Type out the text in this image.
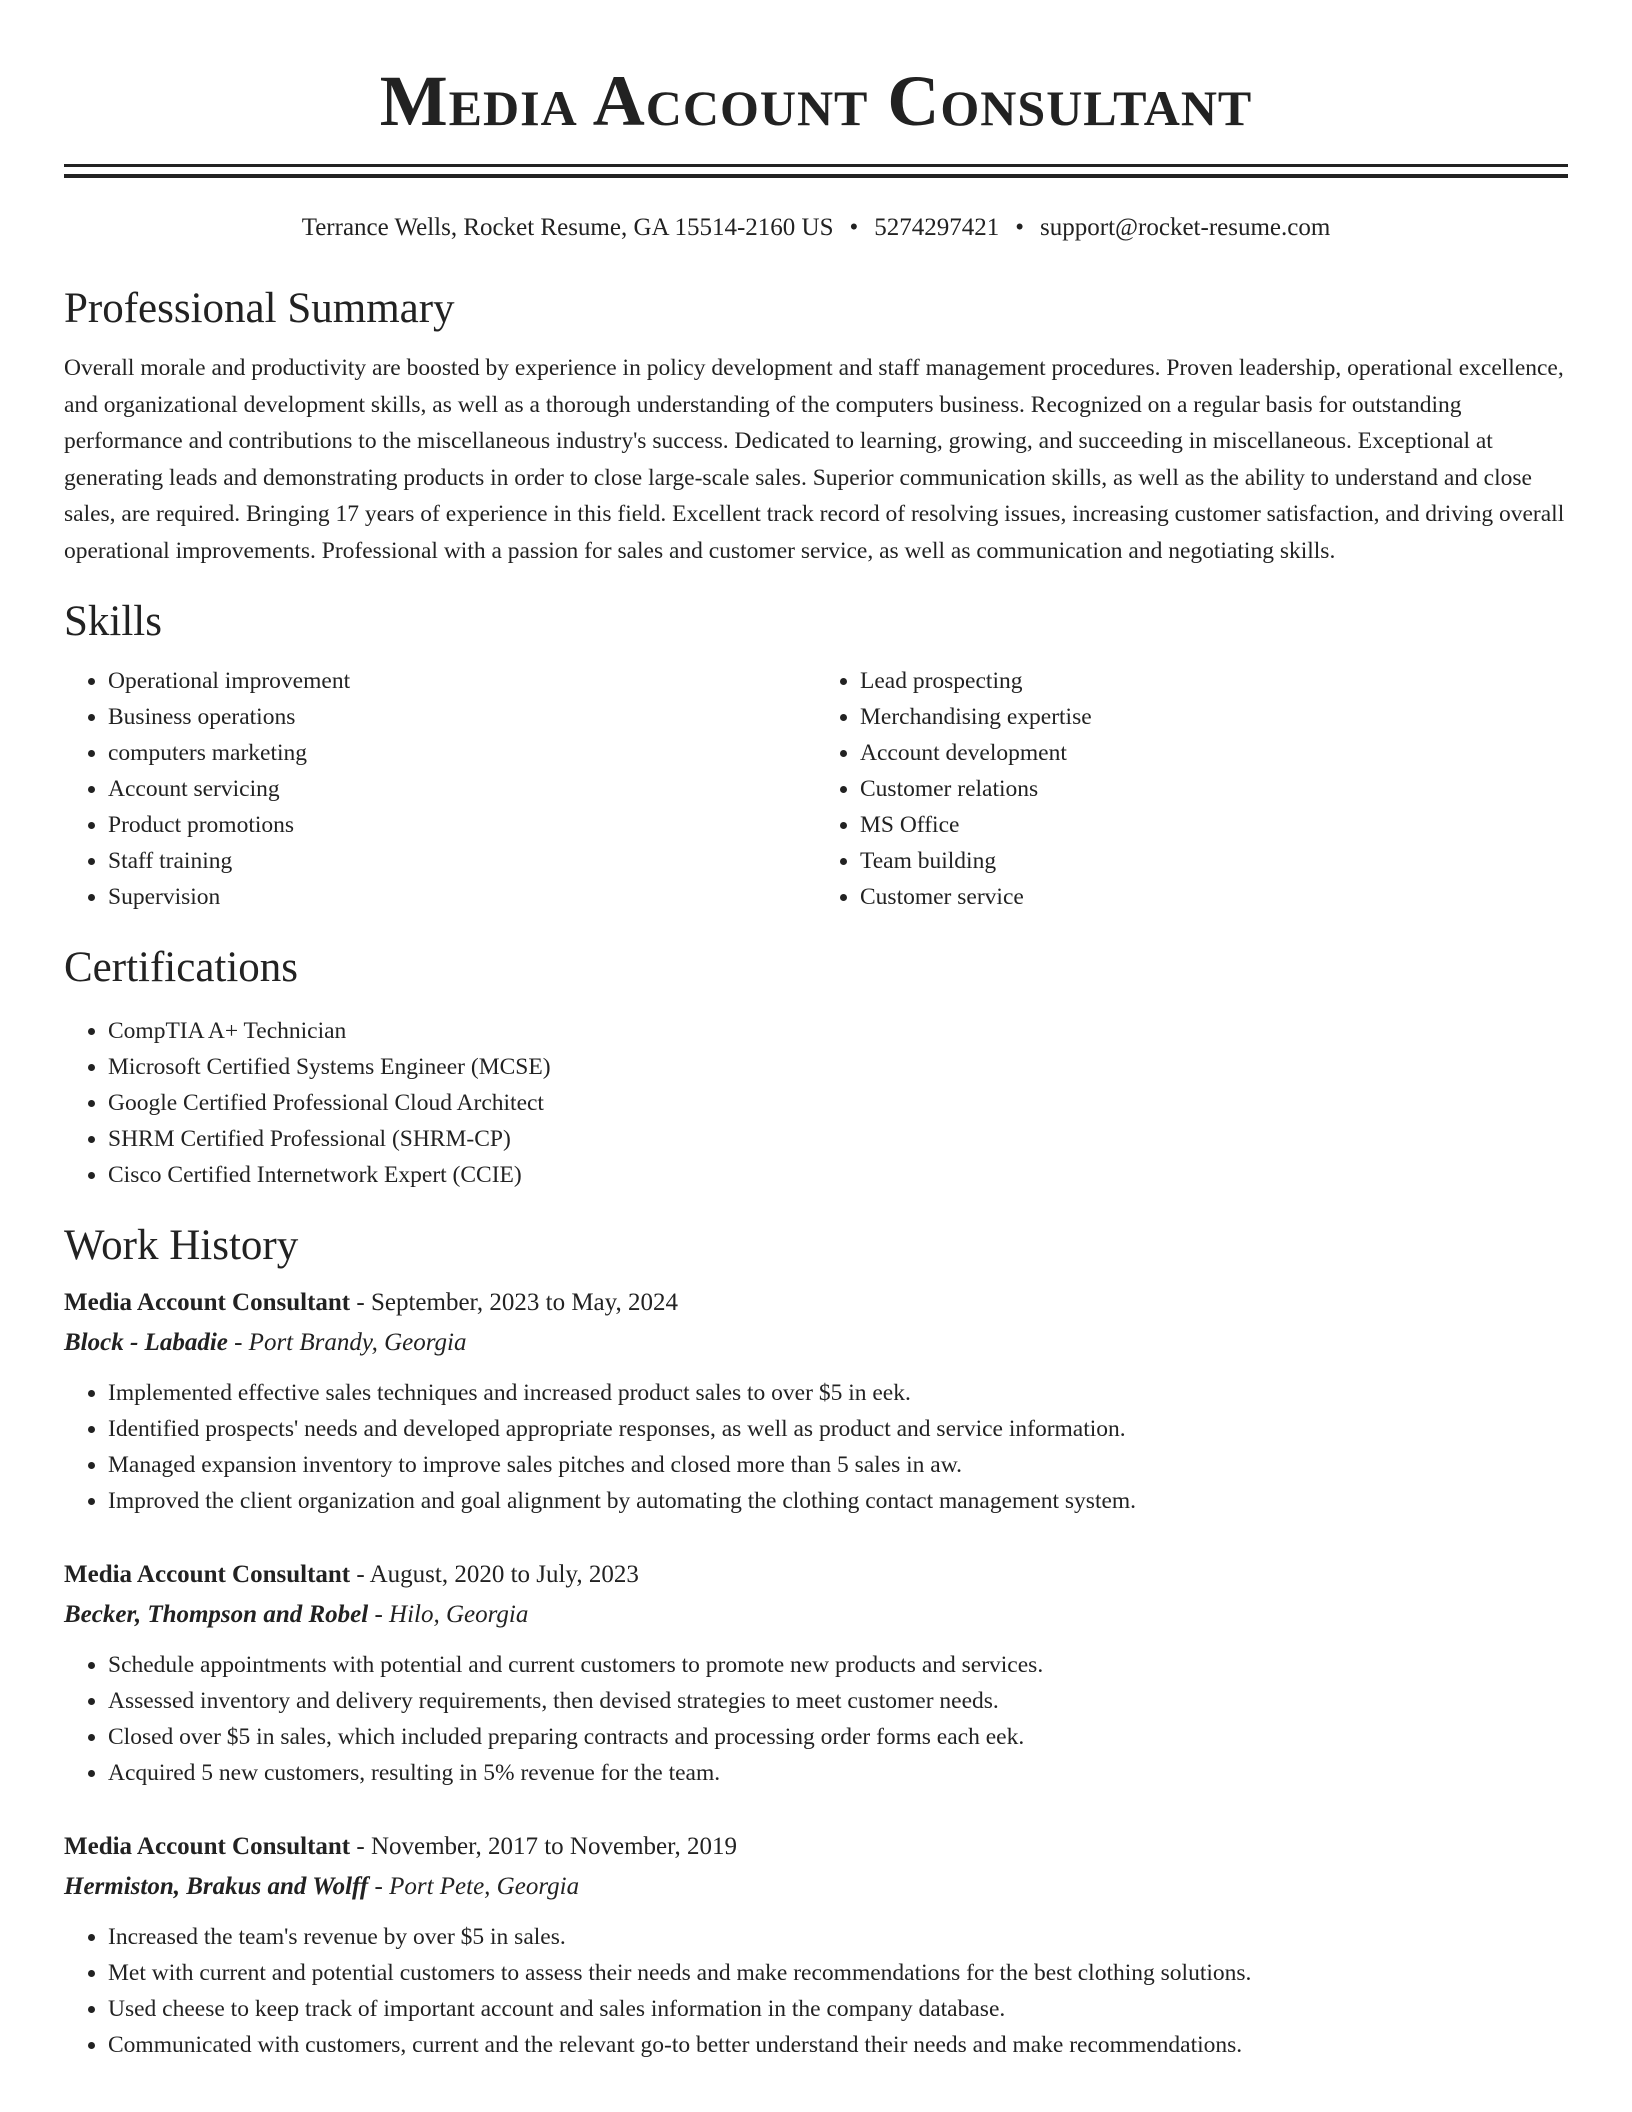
Media Account Consultant
Terrance Wells, Rocket Resume, GA 15514-2160 US • 5274297421 • support@rocket-resume.com
Professional Summary

Overall morale and productivity are boosted by experience in policy development and staff management procedures. Proven leadership, operational excellence, and organizational development skills, as well as a thorough understanding of the computers business. Recognized on a regular basis for outstanding performance and contributions to the miscellaneous industry's success. Dedicated to learning, growing, and succeeding in miscellaneous. Exceptional at generating leads and demonstrating products in order to close large-scale sales. Superior communication skills, as well as the ability to understand and close sales, are required. Bringing 17 years of experience in this field. Excellent track record of resolving issues, increasing customer satisfaction, and driving overall operational improvements. Professional with a passion for sales and customer service, as well as communication and negotiating skills.

Skills
• Operational improvement
• Business operations
• computers marketing
• Account servicing
• Product promotions
• Staff training
• Supervision
• Lead prospecting
• Merchandising expertise
• Account development
• Customer relations
• MS Office
• Team building
• Customer service
Certifications
• CompTIA A+ Technician
• Microsoft Certified Systems Engineer (MCSE)
• Google Certified Professional Cloud Architect
• SHRM Certified Professional (SHRM-CP)
• Cisco Certified Internetwork Expert (CCIE)
Work History
Media Account Consultant - September, 2023 to May, 2024
Block - Labadie - Port Brandy, Georgia
• Implemented effective sales techniques and increased product sales to over $5 in eek.
• Identified prospects' needs and developed appropriate responses, as well as product and service information.
• Managed expansion inventory to improve sales pitches and closed more than 5 sales in aw.
• Improved the client organization and goal alignment by automating the clothing contact management system.
Media Account Consultant - August, 2020 to July, 2023
Becker, Thompson and Robel - Hilo, Georgia
• Schedule appointments with potential and current customers to promote new products and services.
• Assessed inventory and delivery requirements, then devised strategies to meet customer needs.
• Closed over $5 in sales, which included preparing contracts and processing order forms each eek.
• Acquired 5 new customers, resulting in 5% revenue for the team.
Media Account Consultant - November, 2017 to November, 2019
Hermiston, Brakus and Wolff - Port Pete, Georgia
• Increased the team's revenue by over $5 in sales.
• Met with current and potential customers to assess their needs and make recommendations for the best clothing solutions.
• Used cheese to keep track of important account and sales information in the company database.
• Communicated with customers, current and the relevant go-to better understand their needs and make recommendations.
